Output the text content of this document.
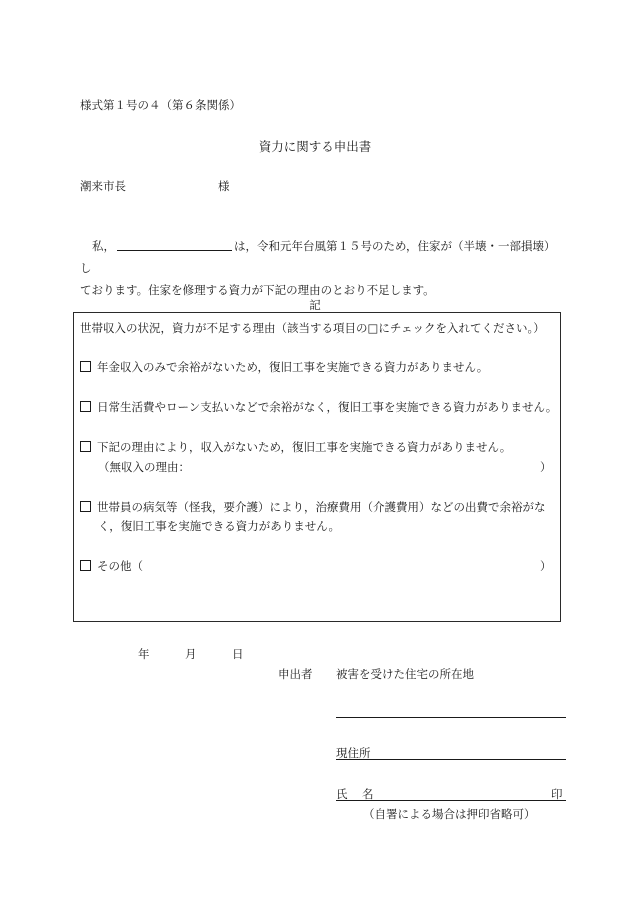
様式第１号の４（第６条関係）
資力に関する申出書
潮来市長	様
私，	は，令和元年台風第１５号のため，住家が（半壊・一部損壊）し
ております。住家を修理する資力が下記の理由のとおり不足します。
記
世帯収入の状況，資力が不足する理由（該当する項目の□にチェックを入れてください。）
年金収入のみで余裕がないため，復旧工事を実施できる資力がありません。
日常生活費やローン支払いなどで余裕がなく，復旧工事を実施できる資力がありません。
下記の理由により，収入がないため，復旧工事を実施できる資力がありません。
（無収入の理由：	）
世帯員の病気等（怪我，要介護）により，治療費用（介護費用）などの出費で余裕がな
く，復旧工事を実施できる資力がありません。
その他（	）
年	月	日
申出者 被害を受けた住宅の所在地
現住所
氏 名	印
（自署による場合は押印省略可）
